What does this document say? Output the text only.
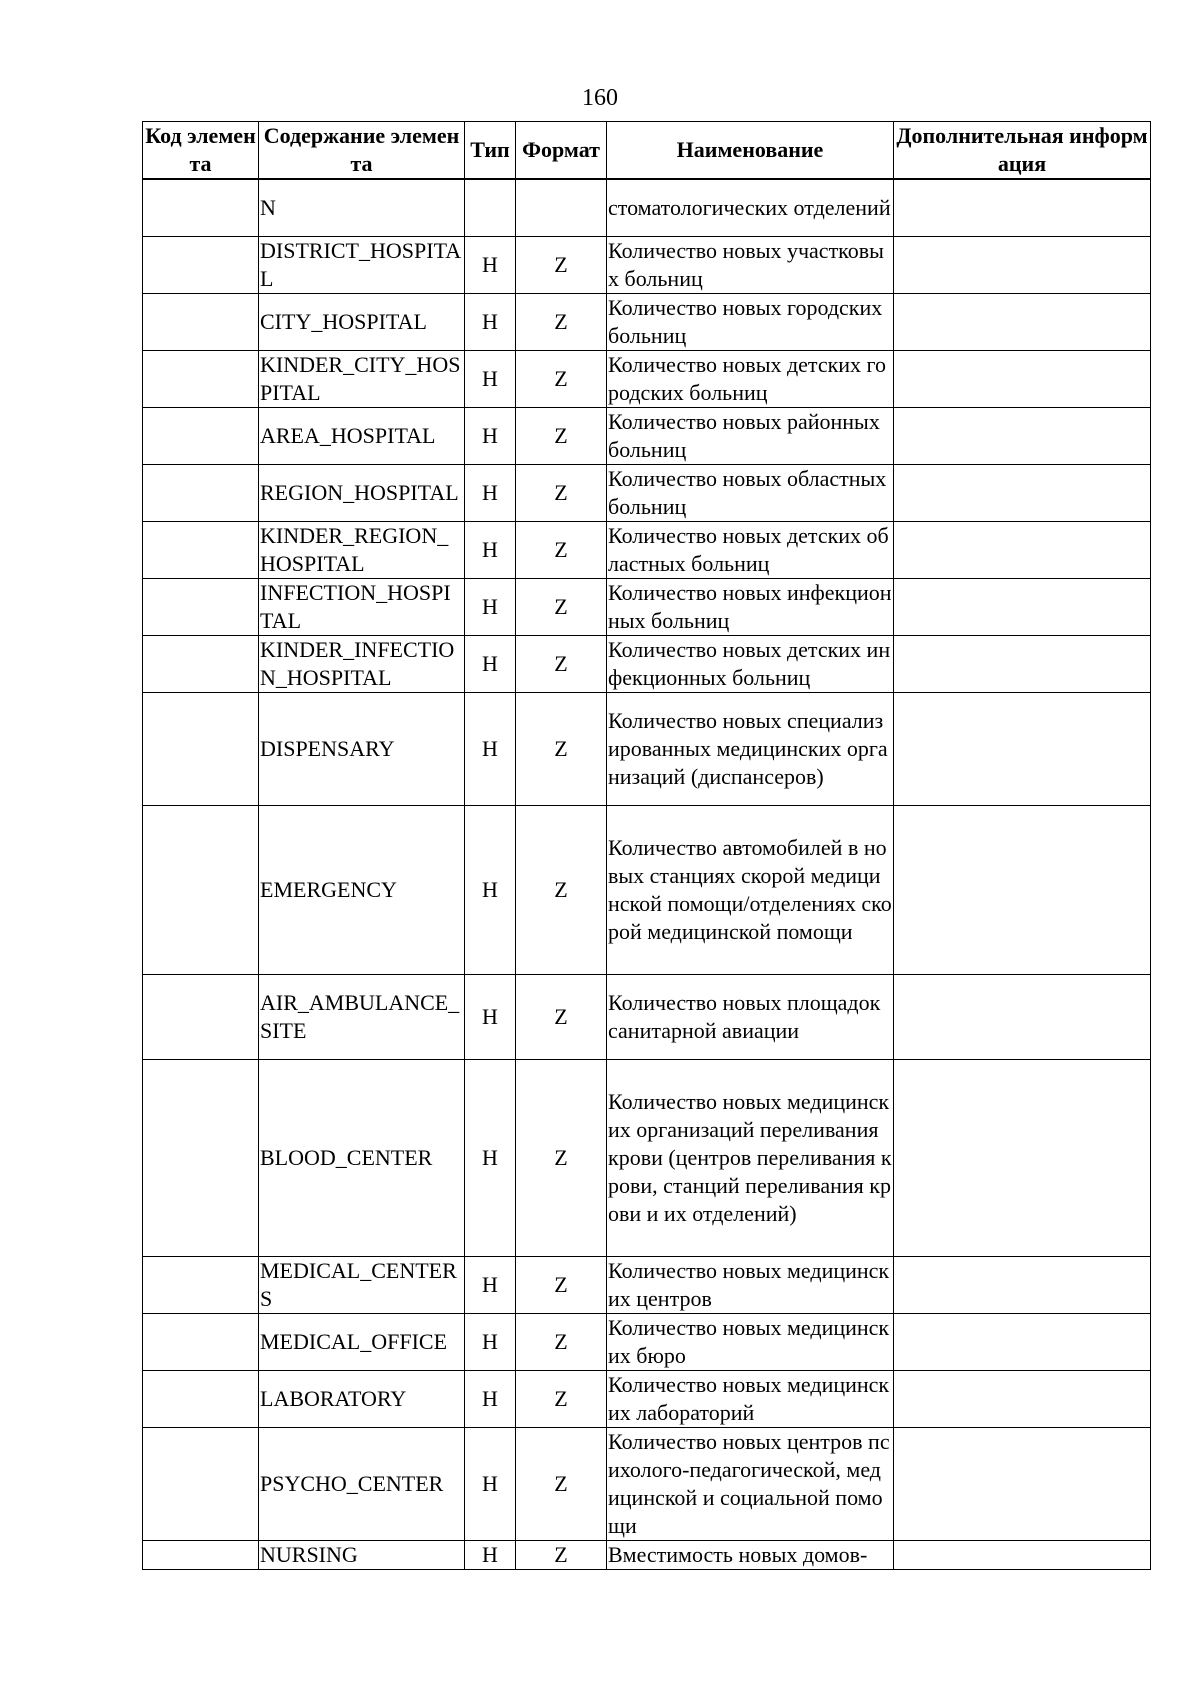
160
Код элемента	Содержание элемента	Тип	Формат	Наименование	Дополнительная информация
	N			стоматологических отделений	
	DISTRICT_HOSPITAL	H	Z	Количество новых участковых больниц	
	CITY_HOSPITAL	H	Z	Количество новых городских больниц	
	KINDER_CITY_HOSPITAL	H	Z	Количество новых детских городских больниц	
	AREA_HOSPITAL	H	Z	Количество новых районных больниц	
	REGION_HOSPITAL	H	Z	Количество новых областных больниц	
	KINDER_REGION_HOSPITAL	H	Z	Количество новых детских областных больниц	
	INFECTION_HOSPITAL	H	Z	Количество новых инфекционных больниц	
	KINDER_INFECTION_HOSPITAL	H	Z	Количество новых детских инфекционных больниц	
	DISPENSARY	H	Z	Количество новых специализированных медицинских организаций (диспансеров)	
	EMERGENCY	H	Z	Количество автомобилей в новых станциях скорой медицинской помощи/отделениях скорой медицинской помощи	
	AIR_AMBULANCE_SITE	H	Z	Количество новых площадок санитарной авиации	
	BLOOD_CENTER	H	Z	Количество новых медицинских организаций переливания крови (центров переливания крови, станций переливания крови и их отделений)	
	MEDICAL_CENTERS	H	Z	Количество новых медицинских центров	
	MEDICAL_OFFICE	H	Z	Количество новых медицинских бюро	
	LABORATORY	H	Z	Количество новых медицинских лабораторий	
	PSYCHO_CENTER	H	Z	Количество новых центров психолого-педагогической, медицинской и социальной помощи	
	NURSING	H	Z	Вместимость новых домов-	
